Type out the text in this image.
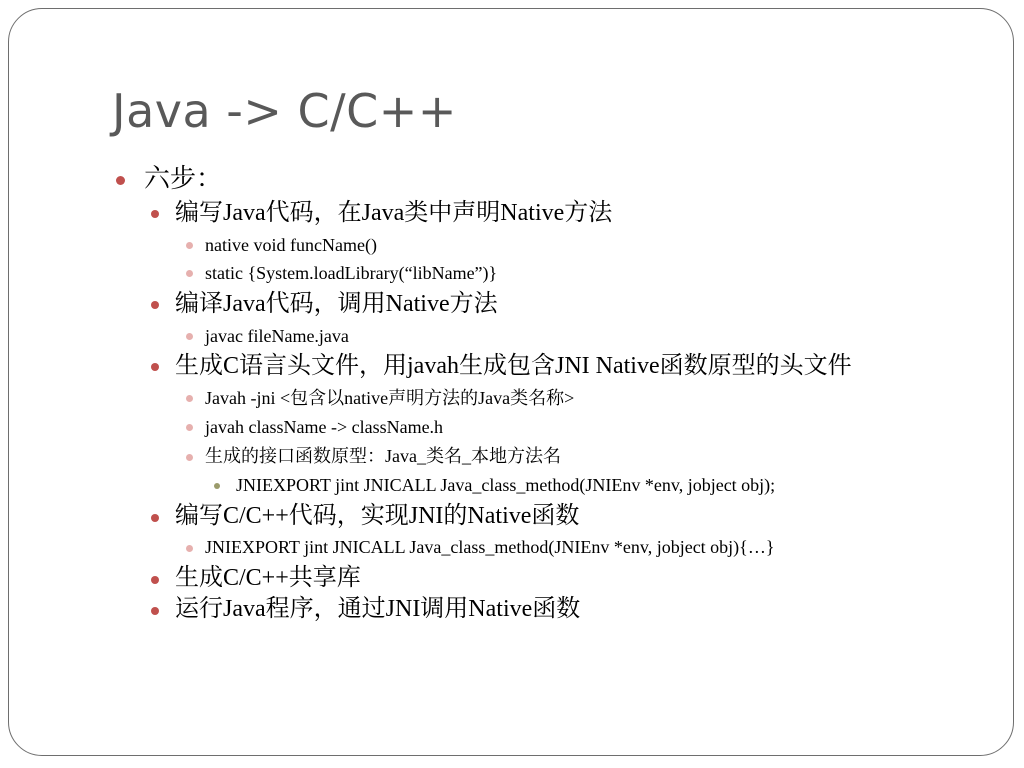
Java -> C/C++
六步：
编写Java代码，在Java类中声明Native方法
native void funcName()
static {System.loadLibrary(“libName”)}
编译Java代码，调用Native方法
javac fileName.java
生成C语言头文件，用javah生成包含JNI Native函数原型的头文件
Javah -jni <包含以native声明方法的Java类名称>
javah className -> className.h
生成的接口函数原型：Java_类名_本地方法名
JNIEXPORT jint JNICALL Java_class_method(JNIEnv *env, jobject obj);
编写C/C++代码，实现JNI的Native函数
JNIEXPORT jint JNICALL Java_class_method(JNIEnv *env, jobject obj){…}
生成C/C++共享库
运行Java程序，通过JNI调用Native函数
